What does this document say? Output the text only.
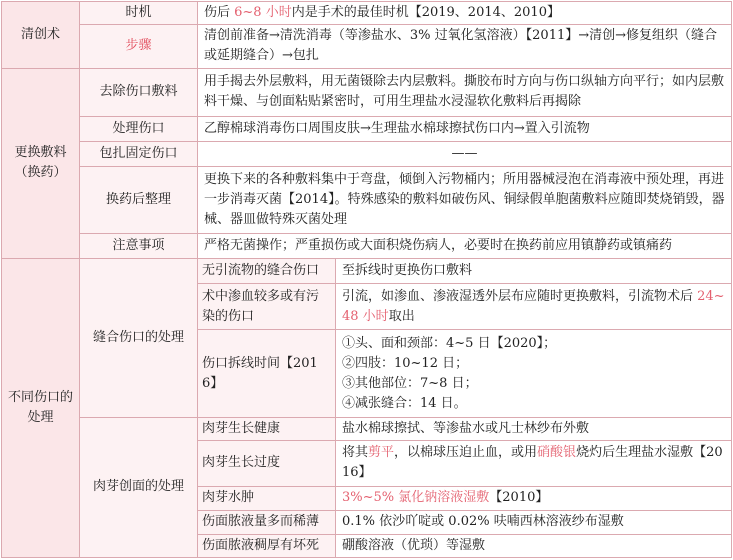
清创术	时机	伤后 6~8 小时内是手术的最佳时机【2019、2014、2010】	
	步骤	清创前准备→清洗消毒（等渗盐水、3% 过氧化氢溶液）【2011】→清创→修复组织（缝合或延期缝合）→包扎	
更换敷料（换药）	去除伤口敷料	用手揭去外层敷料，用无菌镊除去内层敷料。撕胶布时方向与伤口纵轴方向平行；如内层敷料干燥、与创面粘贴紧密时，可用生理盐水浸湿软化敷料后再揭除	
	处理伤口	乙醇棉球消毒伤口周围皮肤→生理盐水棉球擦拭伤口内→置入引流物	
	包扎固定伤口	——	
	换药后整理	更换下来的各种敷料集中于弯盘，倾倒入污物桶内；所用器械浸泡在消毒液中预处理，再进一步消毒灭菌【2014】。特殊感染的敷料如破伤风、铜绿假单胞菌敷料应随即焚烧销毁，器械、器皿做特殊灭菌处理	
	注意事项	严格无菌操作；严重损伤或大面积烧伤病人，必要时在换药前应用镇静药或镇痛药	
不同伤口的处理	缝合伤口的处理	无引流物的缝合伤口	至拆线时更换伤口敷料
		术中渗血较多或有污染的伤口	引流，如渗血、渗液湿透外层布应随时更换敷料，引流物术后 24~48 小时取出
		伤口拆线时间【2016】	①头、面和颈部：4~5 日【2020】；
②四肢：10~12 日；
③其他部位：7~8 日；
④减张缝合：14 日。

	肉芽创面的处理	肉芽生长健康	盐水棉球擦拭、等渗盐水或凡士林纱布外敷
		肉芽生长过度	将其剪平，以棉球压迫止血，或用硝酸银烧灼后生理盐水湿敷【2016】
		肉芽水肿	3%~5% 氯化钠溶液湿敷【2010】
		伤面脓液量多而稀薄	0.1% 依沙吖啶或 0.02% 呋喃西林溶液纱布湿敷
		伤面脓液稠厚有坏死	硼酸溶液（优琐）等湿敷
